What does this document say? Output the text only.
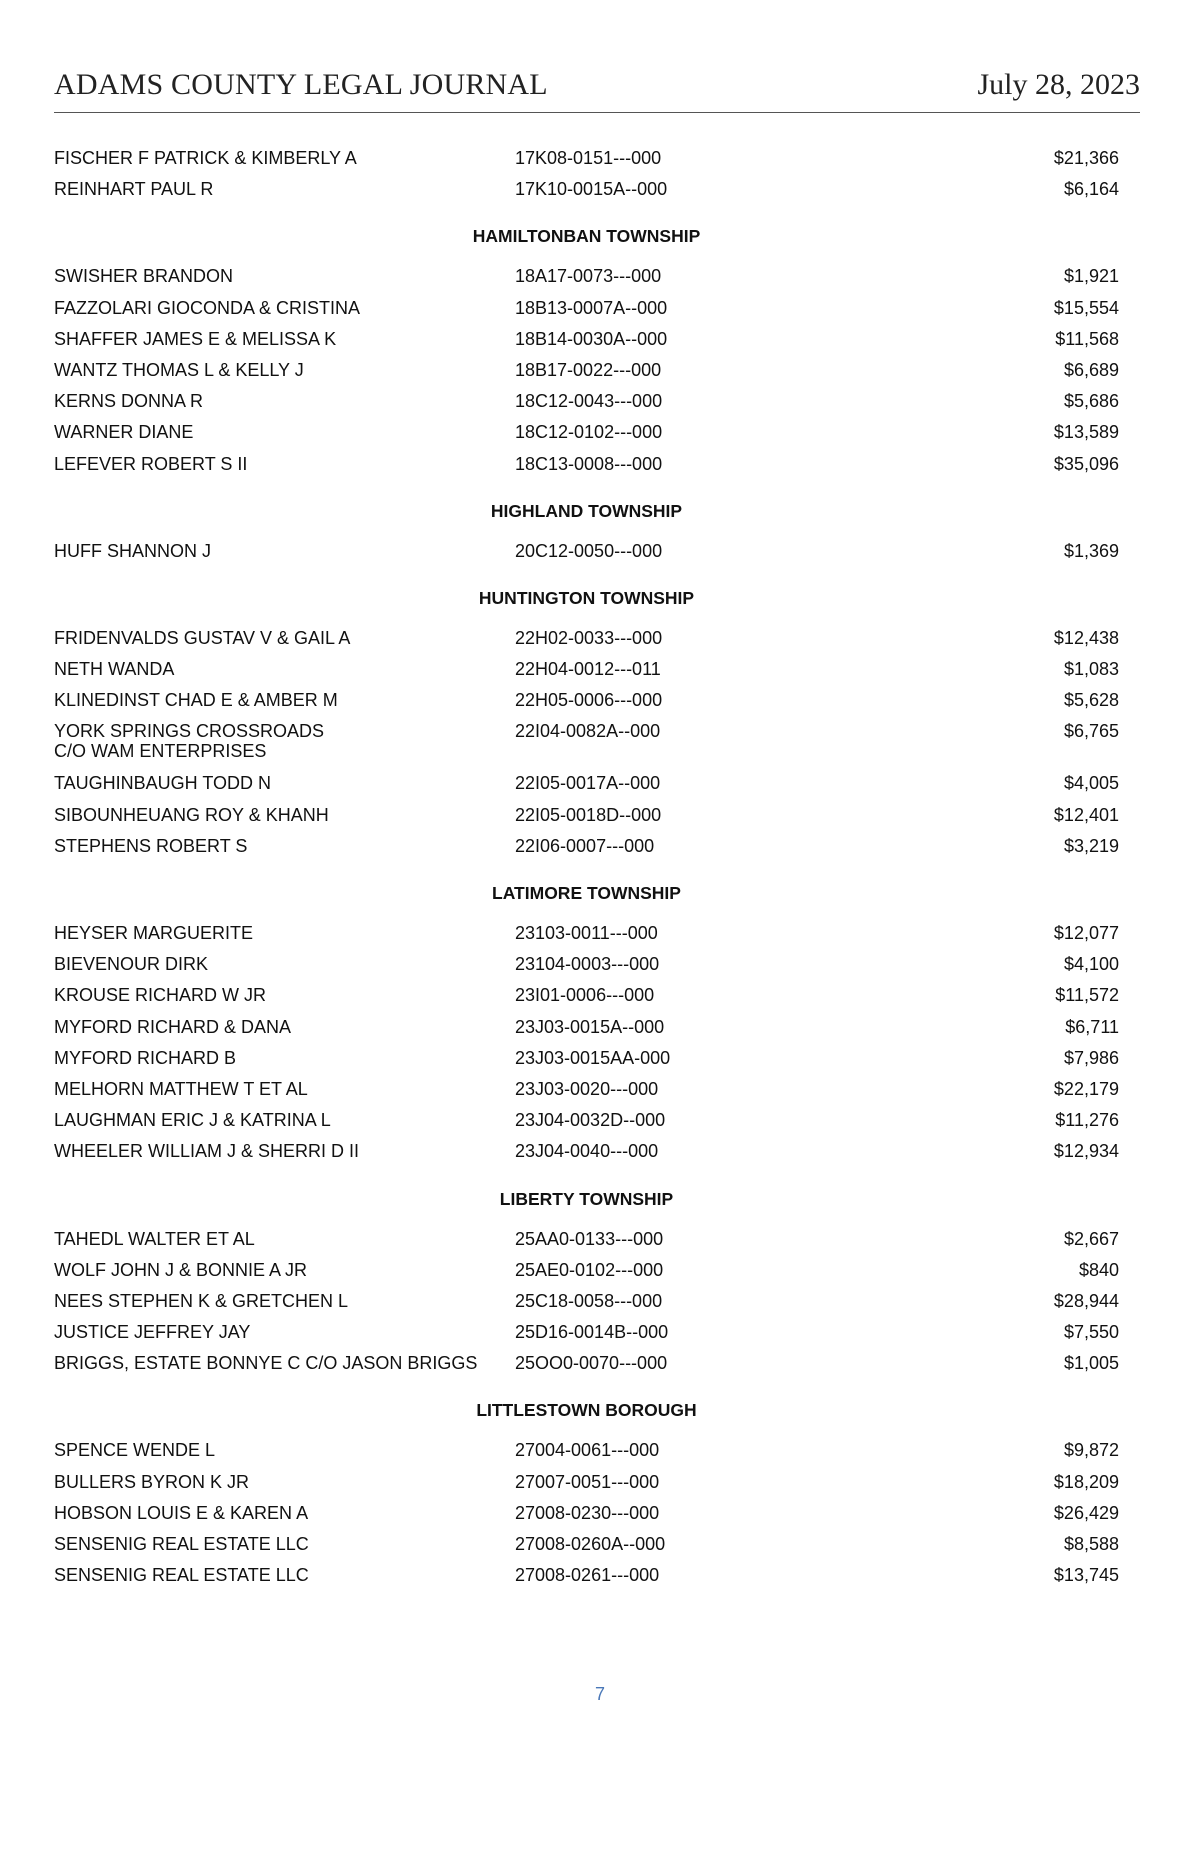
ADAMS COUNTY LEGAL JOURNAL	July 28, 2023
FISCHER F PATRICK & KIMBERLY A	17K08-0151---000	$21,366
REINHART PAUL R	17K10-0015A--000	$6,164
HAMILTONBAN TOWNSHIP
SWISHER BRANDON	18A17-0073---000	$1,921
FAZZOLARI GIOCONDA & CRISTINA	18B13-0007A--000	$15,554
SHAFFER JAMES E & MELISSA K	18B14-0030A--000	$11,568
WANTZ THOMAS L & KELLY J	18B17-0022---000	$6,689
KERNS DONNA R	18C12-0043---000	$5,686
WARNER DIANE	18C12-0102---000	$13,589
LEFEVER ROBERT S II	18C13-0008---000	$35,096
HIGHLAND TOWNSHIP
HUFF SHANNON J	20C12-0050---000	$1,369
HUNTINGTON TOWNSHIP
FRIDENVALDS GUSTAV V & GAIL A	22H02-0033---000	$12,438
NETH WANDA	22H04-0012---011	$1,083
KLINEDINST CHAD E & AMBER M	22H05-0006---000	$5,628
YORK SPRINGS CROSSROADS
C/O WAM ENTERPRISES
22I04-0082A--000	$6,765
TAUGHINBAUGH TODD N	22I05-0017A--000	$4,005
SIBOUNHEUANG ROY & KHANH	22I05-0018D--000	$12,401
STEPHENS ROBERT S	22I06-0007---000	$3,219
LATIMORE TOWNSHIP
HEYSER MARGUERITE	23103-0011---000	$12,077
BIEVENOUR DIRK	23104-0003---000	$4,100
KROUSE RICHARD W JR	23I01-0006---000	$11,572
MYFORD RICHARD & DANA	23J03-0015A--000	$6,711
MYFORD RICHARD B	23J03-0015AA-000	$7,986
MELHORN MATTHEW T ET AL	23J03-0020---000	$22,179
LAUGHMAN ERIC J & KATRINA L	23J04-0032D--000	$11,276
WHEELER WILLIAM J & SHERRI D II	23J04-0040---000	$12,934
LIBERTY TOWNSHIP
TAHEDL WALTER ET AL	25AA0-0133---000	$2,667
WOLF JOHN J & BONNIE A JR	25AE0-0102---000	$840
NEES STEPHEN K & GRETCHEN L	25C18-0058---000	$28,944
JUSTICE JEFFREY JAY	25D16-0014B--000	$7,550
BRIGGS, ESTATE BONNYE C C/O JASON BRIGGS	25OO0-0070---000	$1,005
LITTLESTOWN BOROUGH
SPENCE WENDE L	27004-0061---000	$9,872
BULLERS BYRON K JR	27007-0051---000	$18,209
HOBSON LOUIS E & KAREN A	27008-0230---000	$26,429
SENSENIG REAL ESTATE LLC	27008-0260A--000	$8,588
SENSENIG REAL ESTATE LLC	27008-0261---000	$13,745
7
